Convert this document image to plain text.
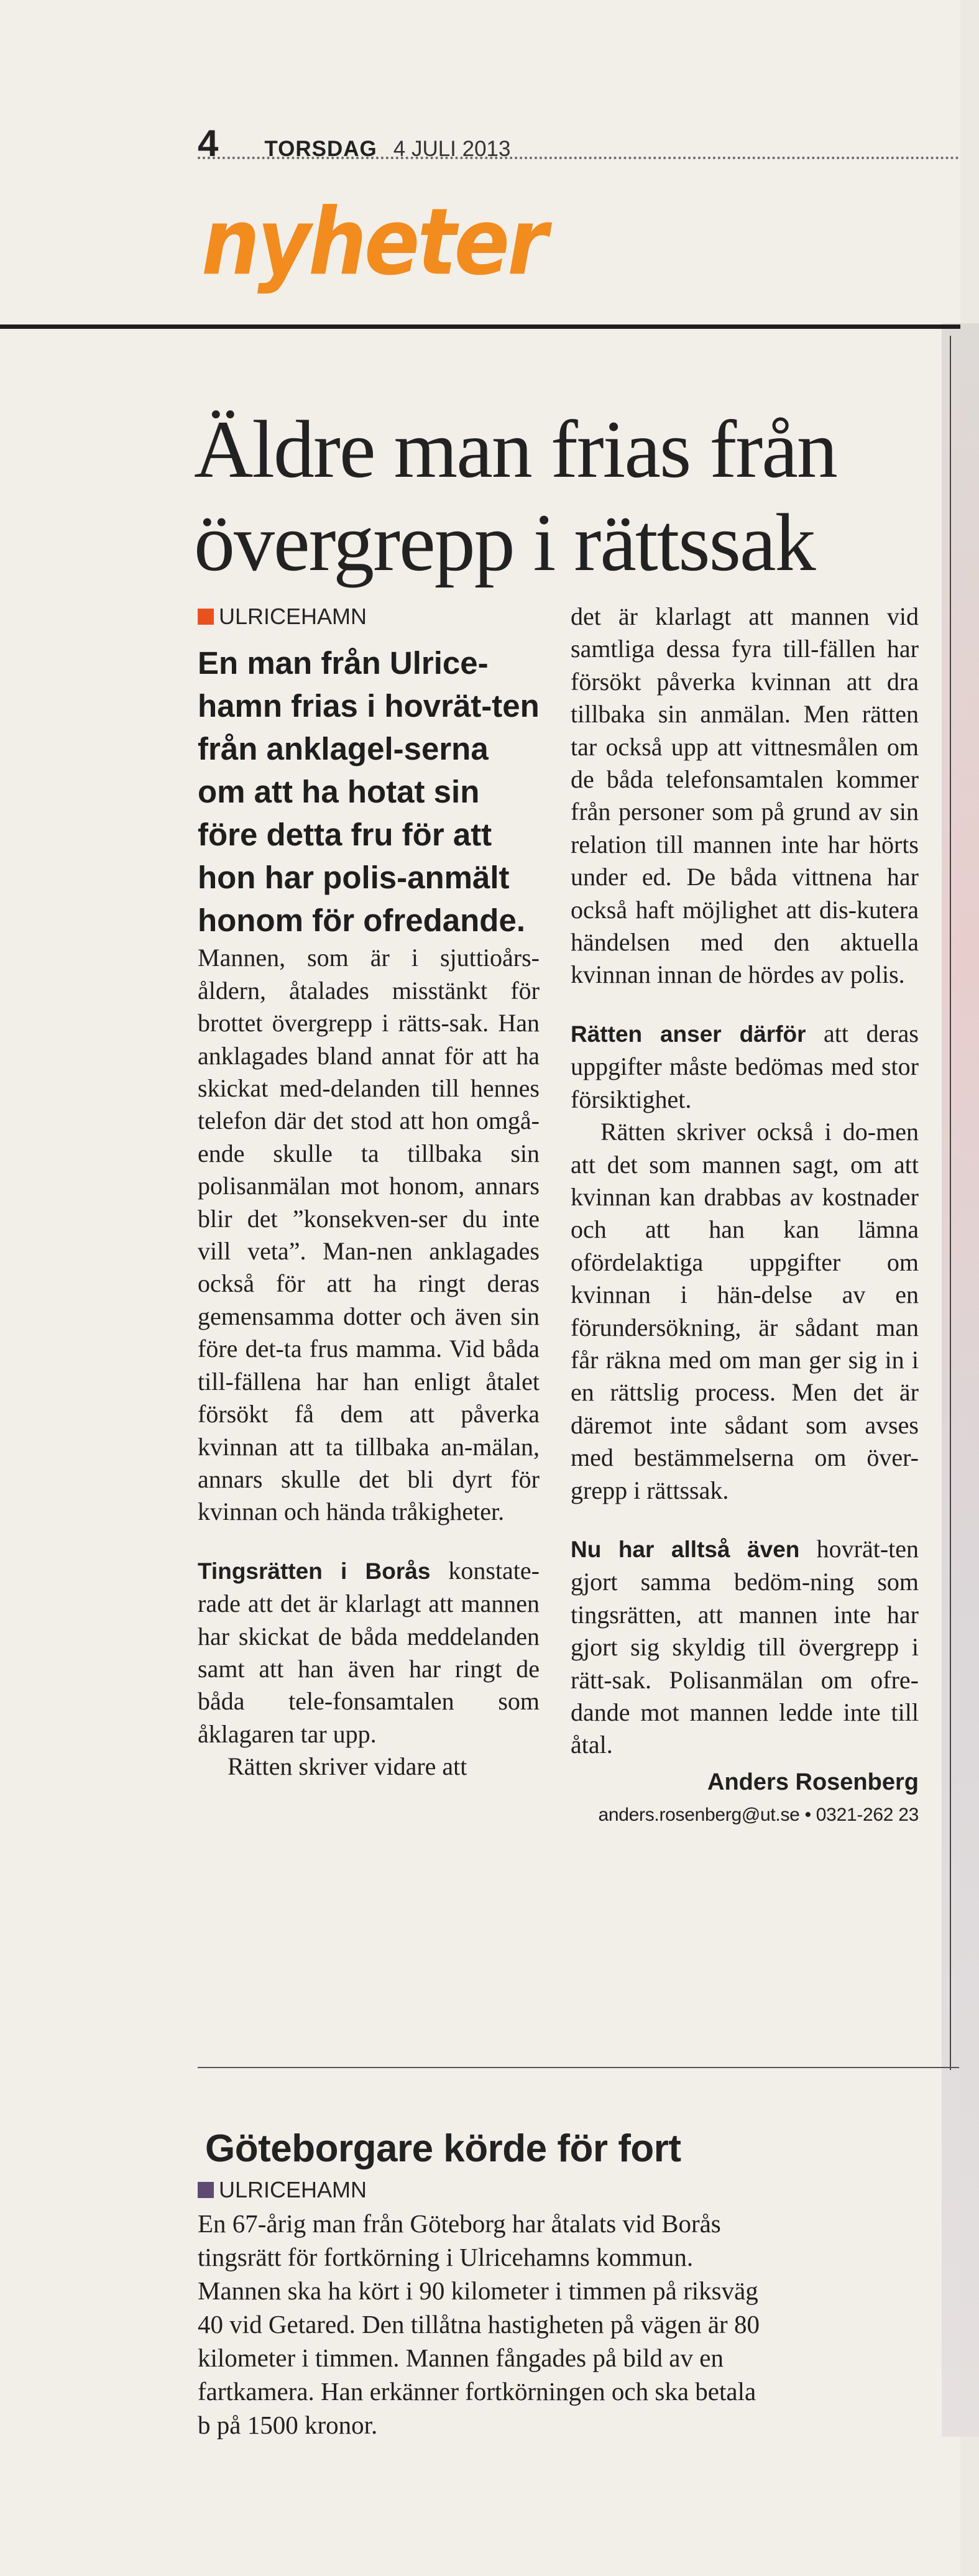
4 TORSDAG 4 JULI 2013
nyheter
Äldre man frias från övergrepp i rättssak
ULRICEHAMN

En man från Ulrice-hamn frias i hovrät-ten från anklagel-serna om att ha hotat sin före detta fru för att hon har polis-anmält honom för ofredande.

Mannen, som är i sjuttioårs-åldern, åtalades misstänkt för brottet övergrepp i rätts-sak. Han anklagades bland annat för att ha skickat med-delanden till hennes telefon där det stod att hon omgå-ende skulle ta tillbaka sin polisanmälan mot honom, annars blir det ”konsekven-ser du inte vill veta”. Man-nen anklagades också för att ha ringt deras gemensamma dotter och även sin före det-ta frus mamma. Vid båda till-fällena har han enligt åtalet försökt få dem att påverka kvinnan att ta tillbaka an-mälan, annars skulle det bli dyrt för kvinnan och hända tråkigheter.

Tingsrätten i Borås konstate-rade att det är klarlagt att mannen har skickat de båda meddelanden samt att han även har ringt de båda tele-fonsamtalen som åklagaren tar upp.

Rätten skriver vidare att

det är klarlagt att mannen vid samtliga dessa fyra till-fällen har försökt påverka kvinnan att dra tillbaka sin anmälan. Men rätten tar också upp att vittnesmålen om de båda telefonsamtalen kommer från personer som på grund av sin relation till mannen inte har hörts under ed. De båda vittnena har också haft möjlighet att dis-kutera händelsen med den aktuella kvinnan innan de hördes av polis.

Rätten anser därför att deras uppgifter måste bedömas med stor försiktighet.

Rätten skriver också i do-men att det som mannen sagt, om att kvinnan kan drabbas av kostnader och att han kan lämna ofördelaktiga uppgifter om kvinnan i hän-delse av en förundersökning, är sådant man får räkna med om man ger sig in i en rättslig process. Men det är däremot inte sådant som avses med bestämmelserna om över-grepp i rättssak.

Nu har alltså även hovrät-ten gjort samma bedöm-ning som tingsrätten, att mannen inte har gjort sig skyldig till övergrepp i rätt-sak. Polisanmälan om ofre-dande mot mannen ledde inte till åtal.

Anders Rosenberg
anders.rosenberg@ut.se • 0321-262 23
Göteborgare körde för fort
ULRICEHAMN

En 67-årig man från Göteborg har åtalats vid Borås

tingsrätt för fortkörning i Ulricehamns kommun.

Mannen ska ha kört i 90 kilometer i timmen på riksväg

40 vid Getared. Den tillåtna hastigheten på vägen är 80

kilometer i timmen. Mannen fångades på bild av en

fartkamera. Han erkänner fortkörningen och ska betala

b på 1500 kronor.
